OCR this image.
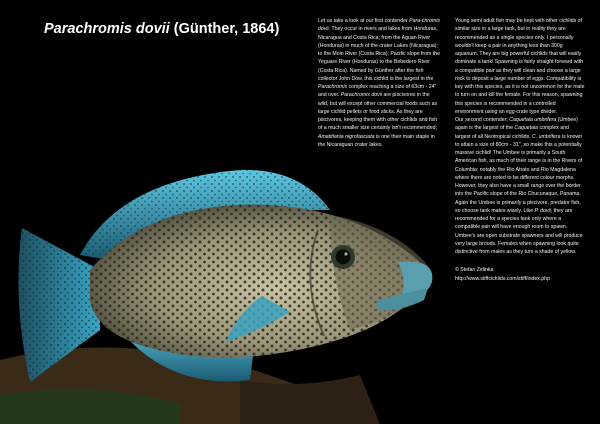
Parachromis dovii (Günther, 1864)	Let us take a look at our first contender Para-chromis dovii. They occur in rivers and lakes from Honduras, Nicaragua and Costa Rica; from the Aguan River (Honduras) in much of the crater Lakes (Nicaragua); to the Moin River (Costa Rica); Pacific slope from the Yeguare River (Honduras) to the Bebedero River (Costa Rica). Named by Günther after the fish collector John Dow, this cichlid is the largest in the Parachromis complex reaching a size of 63cm - 24" and over. Parachromis dovii are piscivores in the wild, but will except other commercial foods such as large cichlid pellets or food sticks. As they are piscivores, keeping them with other cichlids and fish of a much smaller size certainly isn't recommended; Amatitlania nigrofasciata is one their main staple in the Nicaraguan crater lakes.

Young semi adult fish may be kept with other cichlids of similar size in a large tank, but in reality they are recommended as a single species only. I personally wouldn't keep a pair in anything less than 300g aquarium. They are big powerful cichlids that will easily dominate a tank! Spawning is fairly straight forward with a compatible pair as they will clean and choose a large rock to deposit a large number of eggs. Compatibility is key with this species, as it is not uncommon for the male to turn on and kill the female. For this reason, spawning this species is recommended in a controlled environment using an egg-crate type divider.

Our second contender; Caquetaia umbrifera (Umbee) again is the largest of the Caquetaia complex and largest of all Neotropical cichlids. C. umbrifera is known to attain a size of 80cm - 31", so make this a potentially massive cichlid! The Umbee is primarily a South American fish, as much of their range is in the Rivers of Columbia; notably the Rio Atrato and Rio Magdalena where there are noted to be different colour morphs. However, they also have a small range over the border into the Pacific slope of the Rio Chucunaque, Panama. Again the Umbee is primarily a piscivore, predator fish, so choose tank mates wisely. Like P. dovii, they are recommended for a species tank only where a compatible pair will have enough room to spawn. Umbee's are open substrate spawners and will produce very large broods. Females when spawning look quite distinctive from males as they turn a shade of yellow.

© Stefan Zelinka http://www.stiffcichlids.com/stiff/index.php
